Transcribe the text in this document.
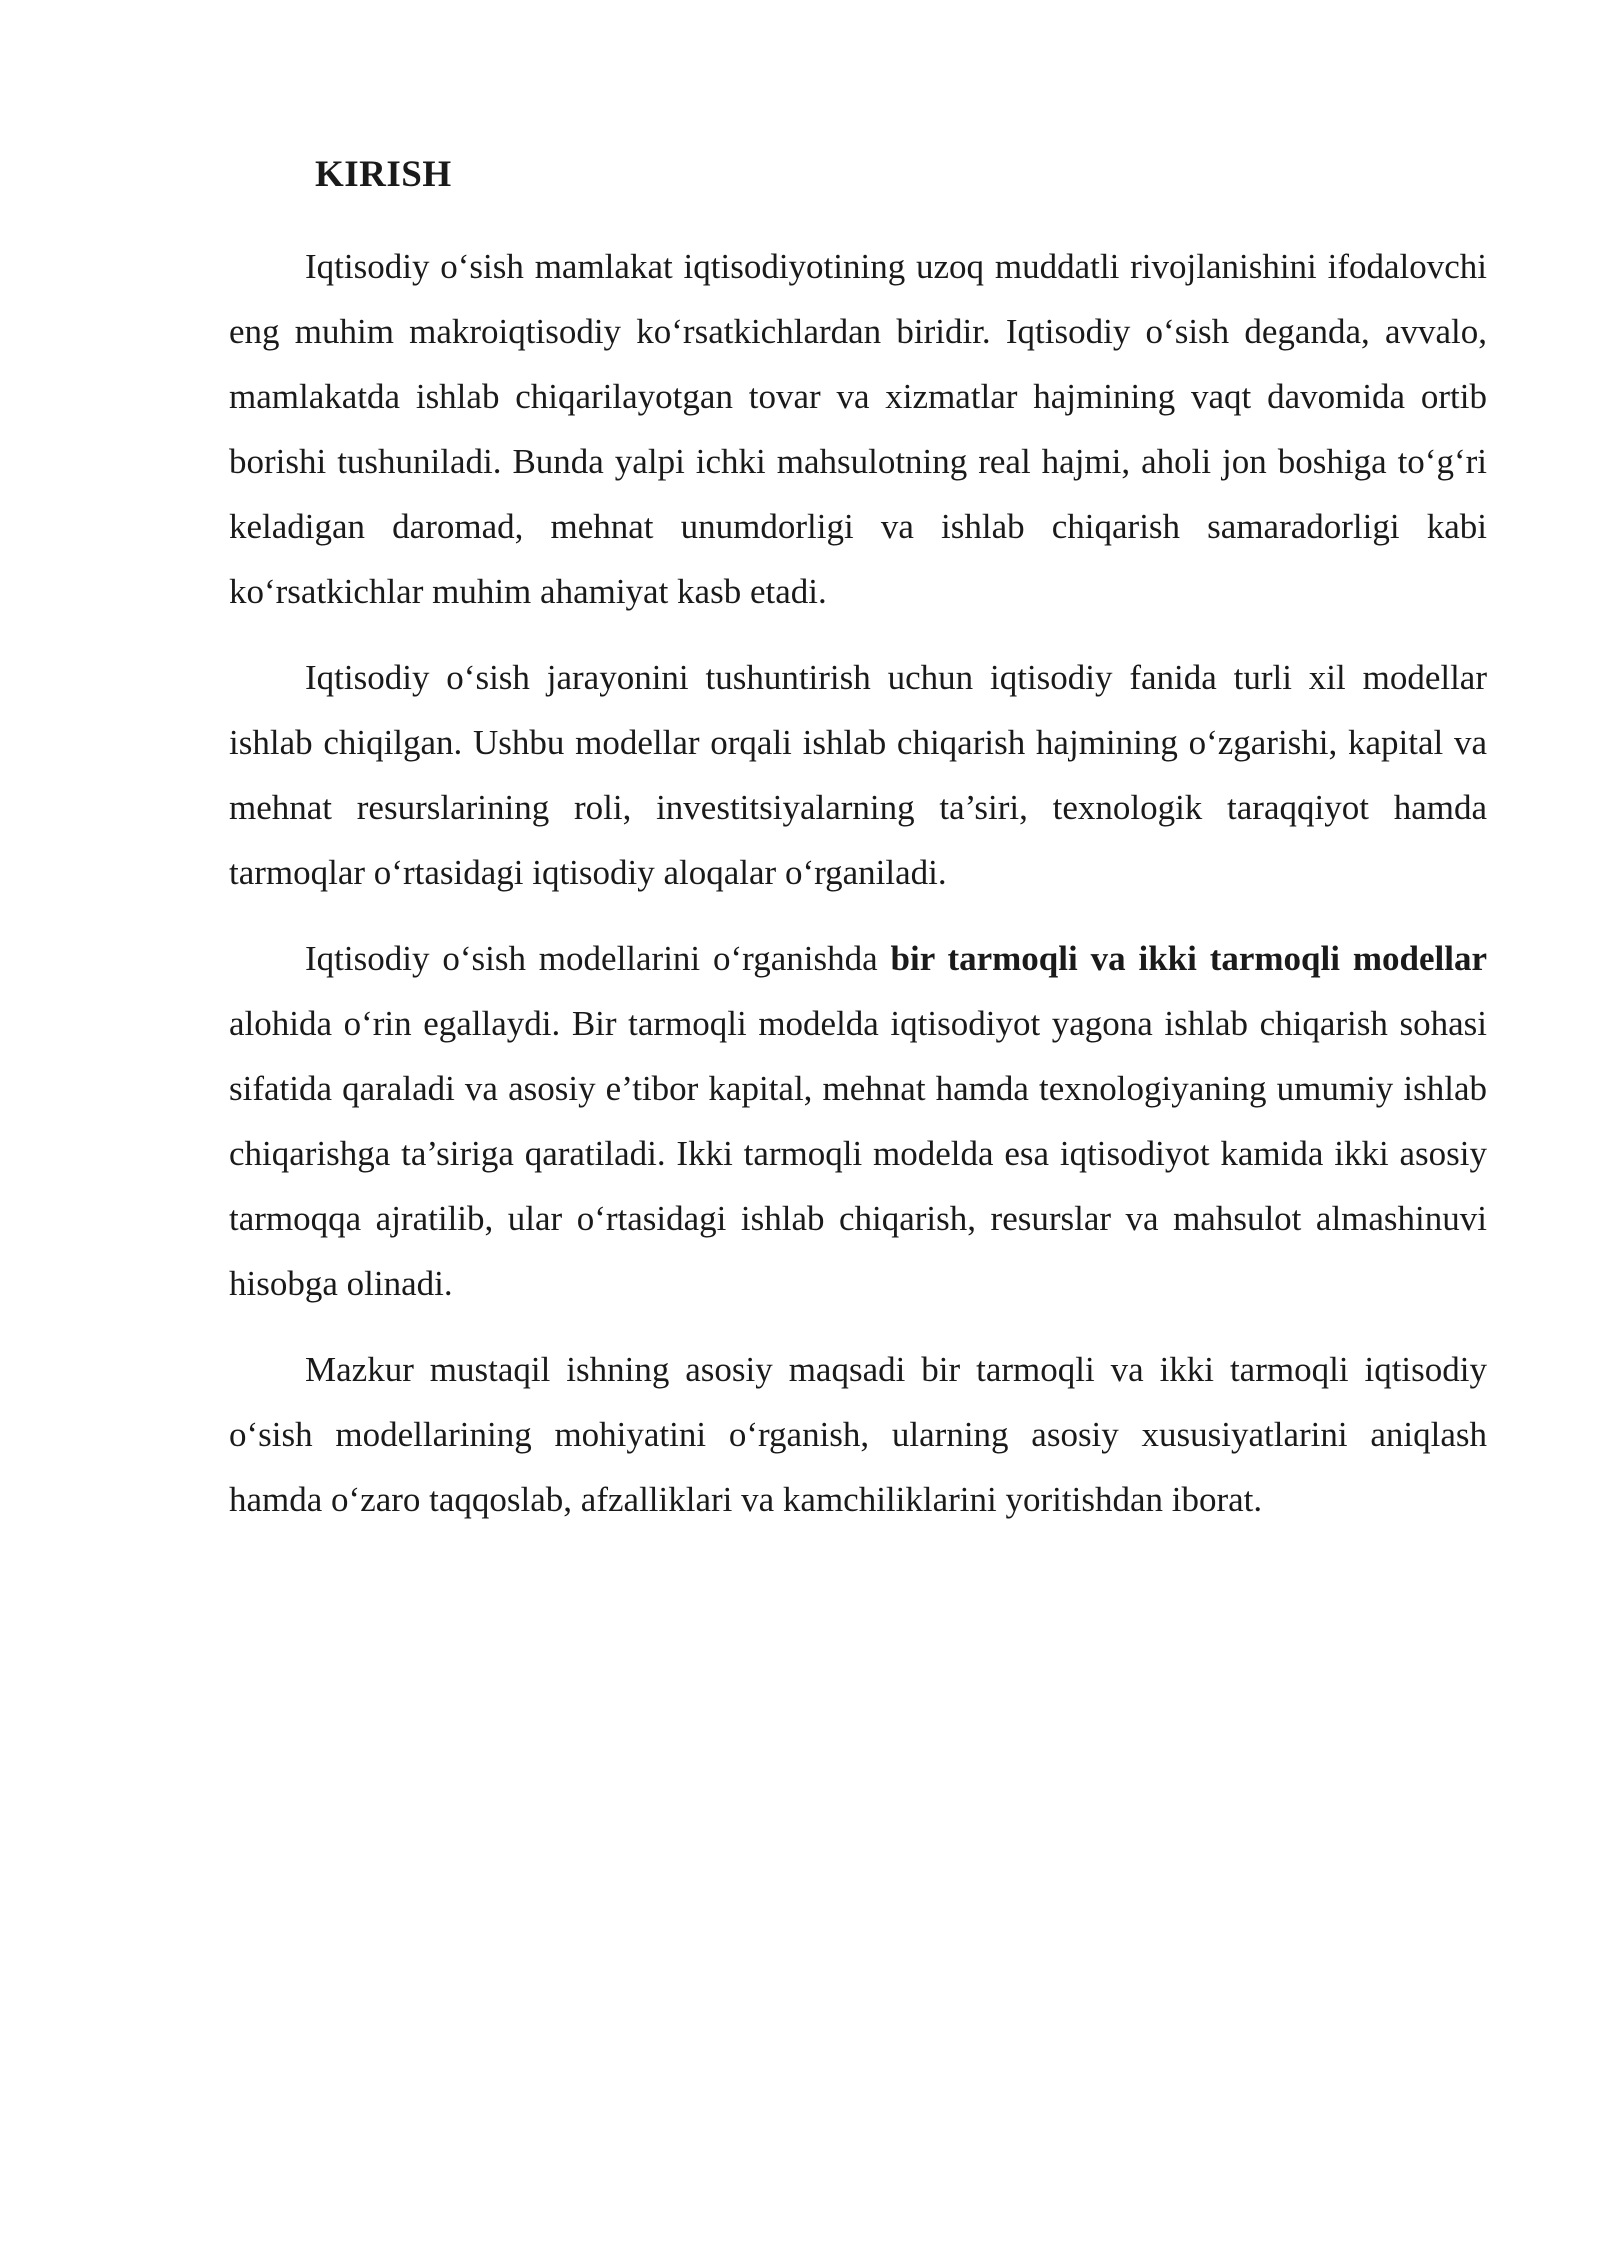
KIRISH

Iqtisodiy o‘sish mamlakat iqtisodiyotining uzoq muddatli rivojlanishini ifodalovchi eng muhim makroiqtisodiy ko‘rsatkichlardan biridir. Iqtisodiy o‘sish deganda, avvalo, mamlakatda ishlab chiqarilayotgan tovar va xizmatlar hajmining vaqt davomida ortib borishi tushuniladi. Bunda yalpi ichki mahsulotning real hajmi, aholi jon boshiga to‘g‘ri keladigan daromad, mehnat unumdorligi va ishlab chiqarish samaradorligi kabi ko‘rsatkichlar muhim ahamiyat kasb etadi.

Iqtisodiy o‘sish jarayonini tushuntirish uchun iqtisodiy fanida turli xil modellar ishlab chiqilgan. Ushbu modellar orqali ishlab chiqarish hajmining o‘zgarishi, kapital va mehnat resurslarining roli, investitsiyalarning ta’siri, texnologik taraqqiyot hamda tarmoqlar o‘rtasidagi iqtisodiy aloqalar o‘rganiladi.

Iqtisodiy o‘sish modellarini o‘rganishda bir tarmoqli va ikki tarmoqli modellar alohida o‘rin egallaydi. Bir tarmoqli modelda iqtisodiyot yagona ishlab chiqarish sohasi sifatida qaraladi va asosiy e’tibor kapital, mehnat hamda texnologiyaning umumiy ishlab chiqarishga ta’siriga qaratiladi. Ikki tarmoqli modelda esa iqtisodiyot kamida ikki asosiy tarmoqqa ajratilib, ular o‘rtasidagi ishlab chiqarish, resurslar va mahsulot almashinuvi hisobga olinadi.

Mazkur mustaqil ishning asosiy maqsadi bir tarmoqli va ikki tarmoqli iqtisodiy o‘sish modellarining mohiyatini o‘rganish, ularning asosiy xususiyatlarini aniqlash hamda o‘zaro taqqoslab, afzalliklari va kamchiliklarini yoritishdan iborat.
